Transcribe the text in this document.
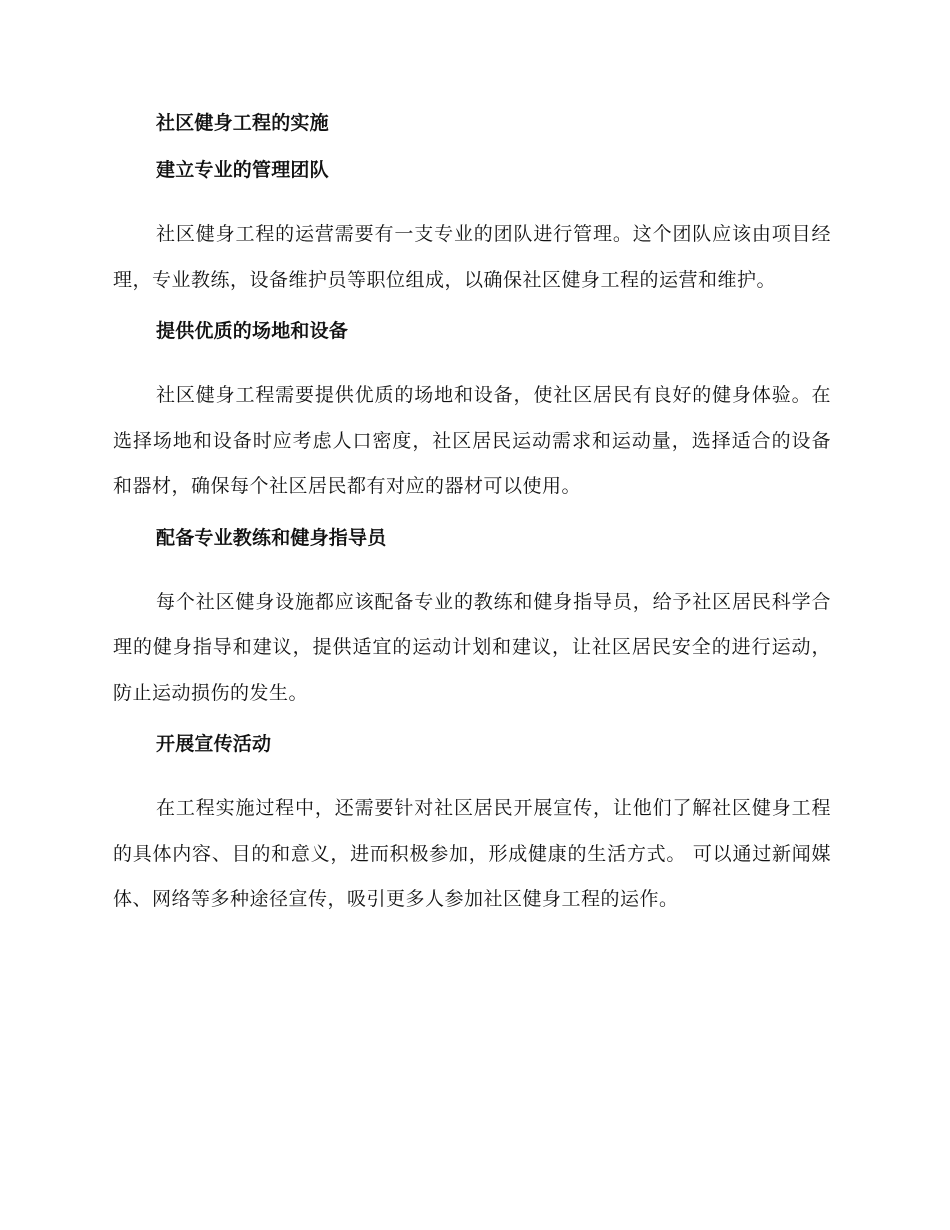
社区健身工程的实施
建立专业的管理团队

社区健身工程的运营需要有一支专业的团队进行管理。这个团队应该由项目经理，专业教练，设备维护员等职位组成，以确保社区健身工程的运营和维护。

提供优质的场地和设备

社区健身工程需要提供优质的场地和设备，使社区居民有良好的健身体验。在选择场地和设备时应考虑人口密度，社区居民运动需求和运动量，选择适合的设备和器材，确保每个社区居民都有对应的器材可以使用。

配备专业教练和健身指导员

每个社区健身设施都应该配备专业的教练和健身指导员，给予社区居民科学合理的健身指导和建议，提供适宜的运动计划和建议，让社区居民安全的进行运动，防止运动损伤的发生。

开展宣传活动

在工程实施过程中，还需要针对社区居民开展宣传，让他们了解社区健身工程的具体内容、目的和意义，进而积极参加，形成健康的生活方式。 可以通过新闻媒体、网络等多种途径宣传，吸引更多人参加社区健身工程的运作。
